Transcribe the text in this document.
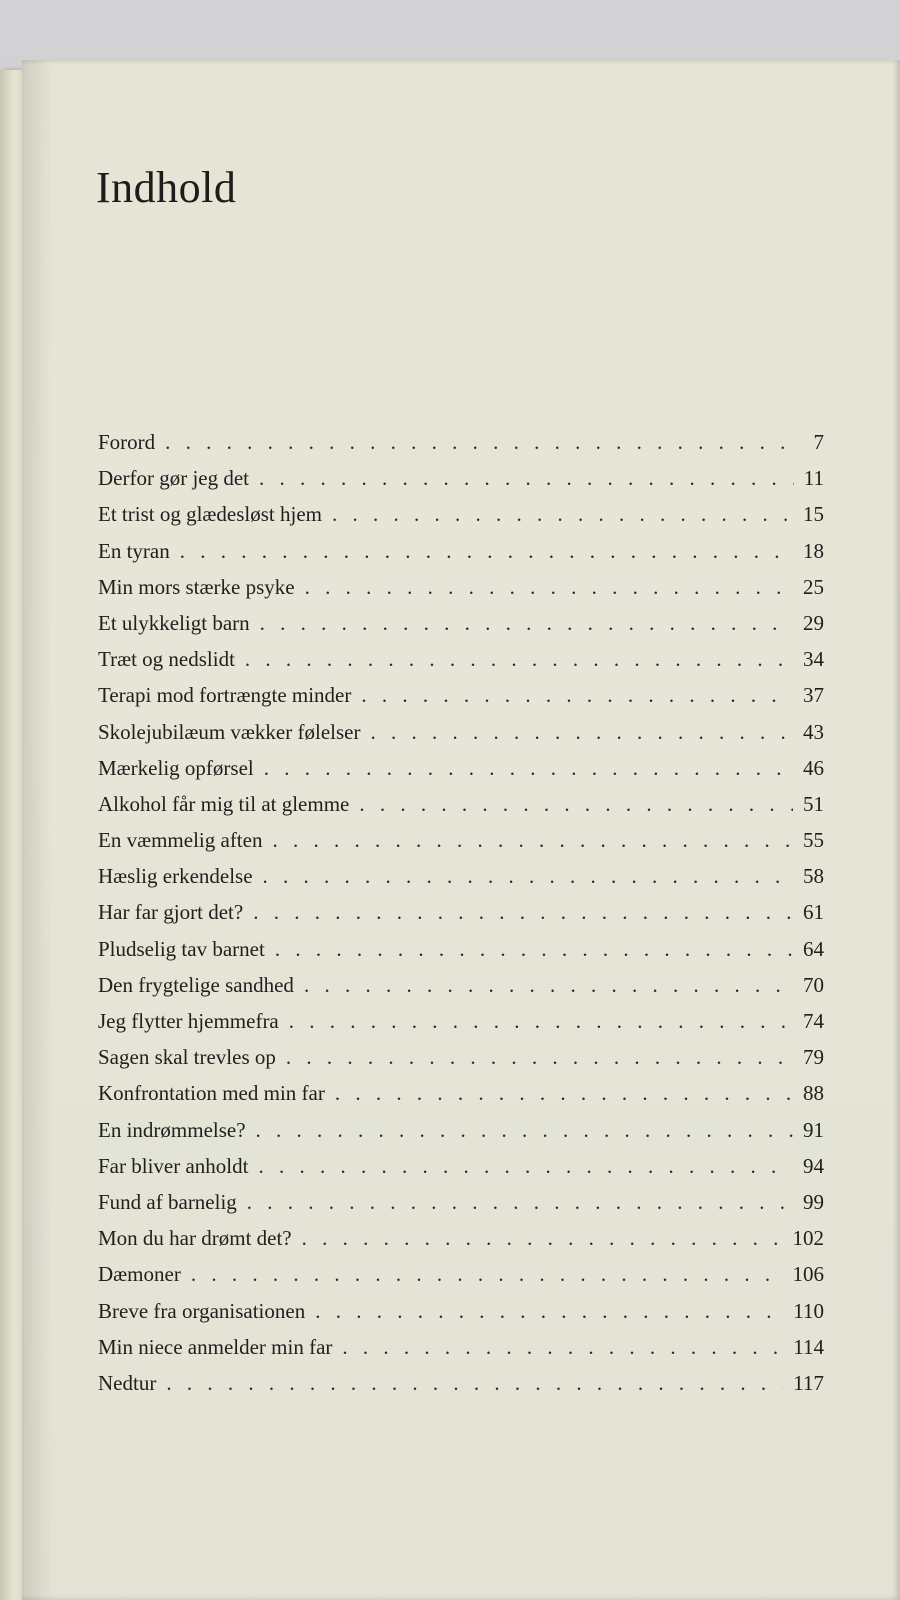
Indhold
Forord . . .	7
Derfor gør jeg det . . .	11
Et trist og glædesløst hjem . . .	15
En tyran . . .	18
Min mors stærke psyke . . .	25
Et ulykkeligt barn . . .	29
Træt og nedslidt . . .	34
Terapi mod fortrængte minder . . .	37
Skolejubilæum vækker følelser . . .	43
Mærkelig opførsel . . .	46
Alkohol får mig til at glemme . . .	51
En væmmelig aften . . .	55
Hæslig erkendelse . . .	58
Har far gjort det? . . .	61
Pludselig tav barnet . . .	64
Den frygtelige sandhed . . .	70
Jeg flytter hjemmefra . . .	74
Sagen skal trevles op . . .	79
Konfrontation med min far . . .	88
En indrømmelse? . . .	91
Far bliver anholdt . . .	94
Fund af barnelig . . .	99
Mon du har drømt det? . . .	102
Dæmoner . . .	106
Breve fra organisationen . . .	110
Min niece anmelder min far . . .	114
Nedtur . . .	117
